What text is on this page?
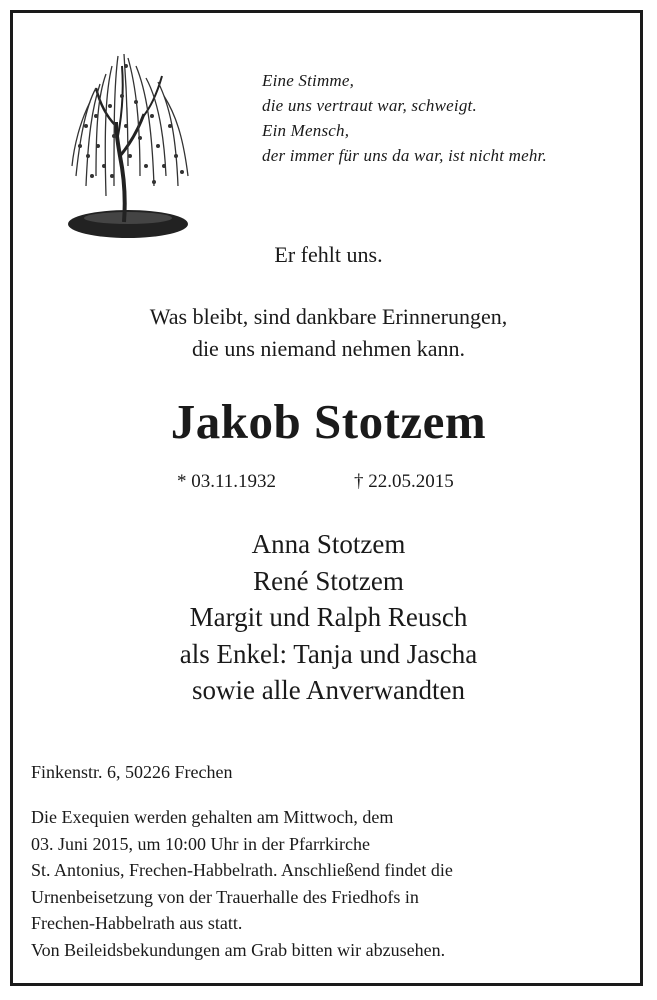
Eine Stimme,
die uns vertraut war, schweigt.
Ein Mensch,
der immer für uns da war, ist nicht mehr.
Er fehlt uns.
Was bleibt, sind dankbare Erinnerungen,
die uns niemand nehmen kann.
Jakob Stotzem
* 03.11.1932	† 22.05.2015
Anna Stotzem
René Stotzem
Margit und Ralph Reusch
als Enkel: Tanja und Jascha
sowie alle Anverwandten
Finkenstr. 6, 50226 Frechen
Die Exequien werden gehalten am Mittwoch, dem
03. Juni 2015, um 10:00 Uhr in der Pfarrkirche
St. Antonius, Frechen-Habbelrath. Anschließend findet die
Urnenbeisetzung von der Trauerhalle des Friedhofs in
Frechen-Habbelrath aus statt.
Von Beileidsbekundungen am Grab bitten wir abzusehen.
